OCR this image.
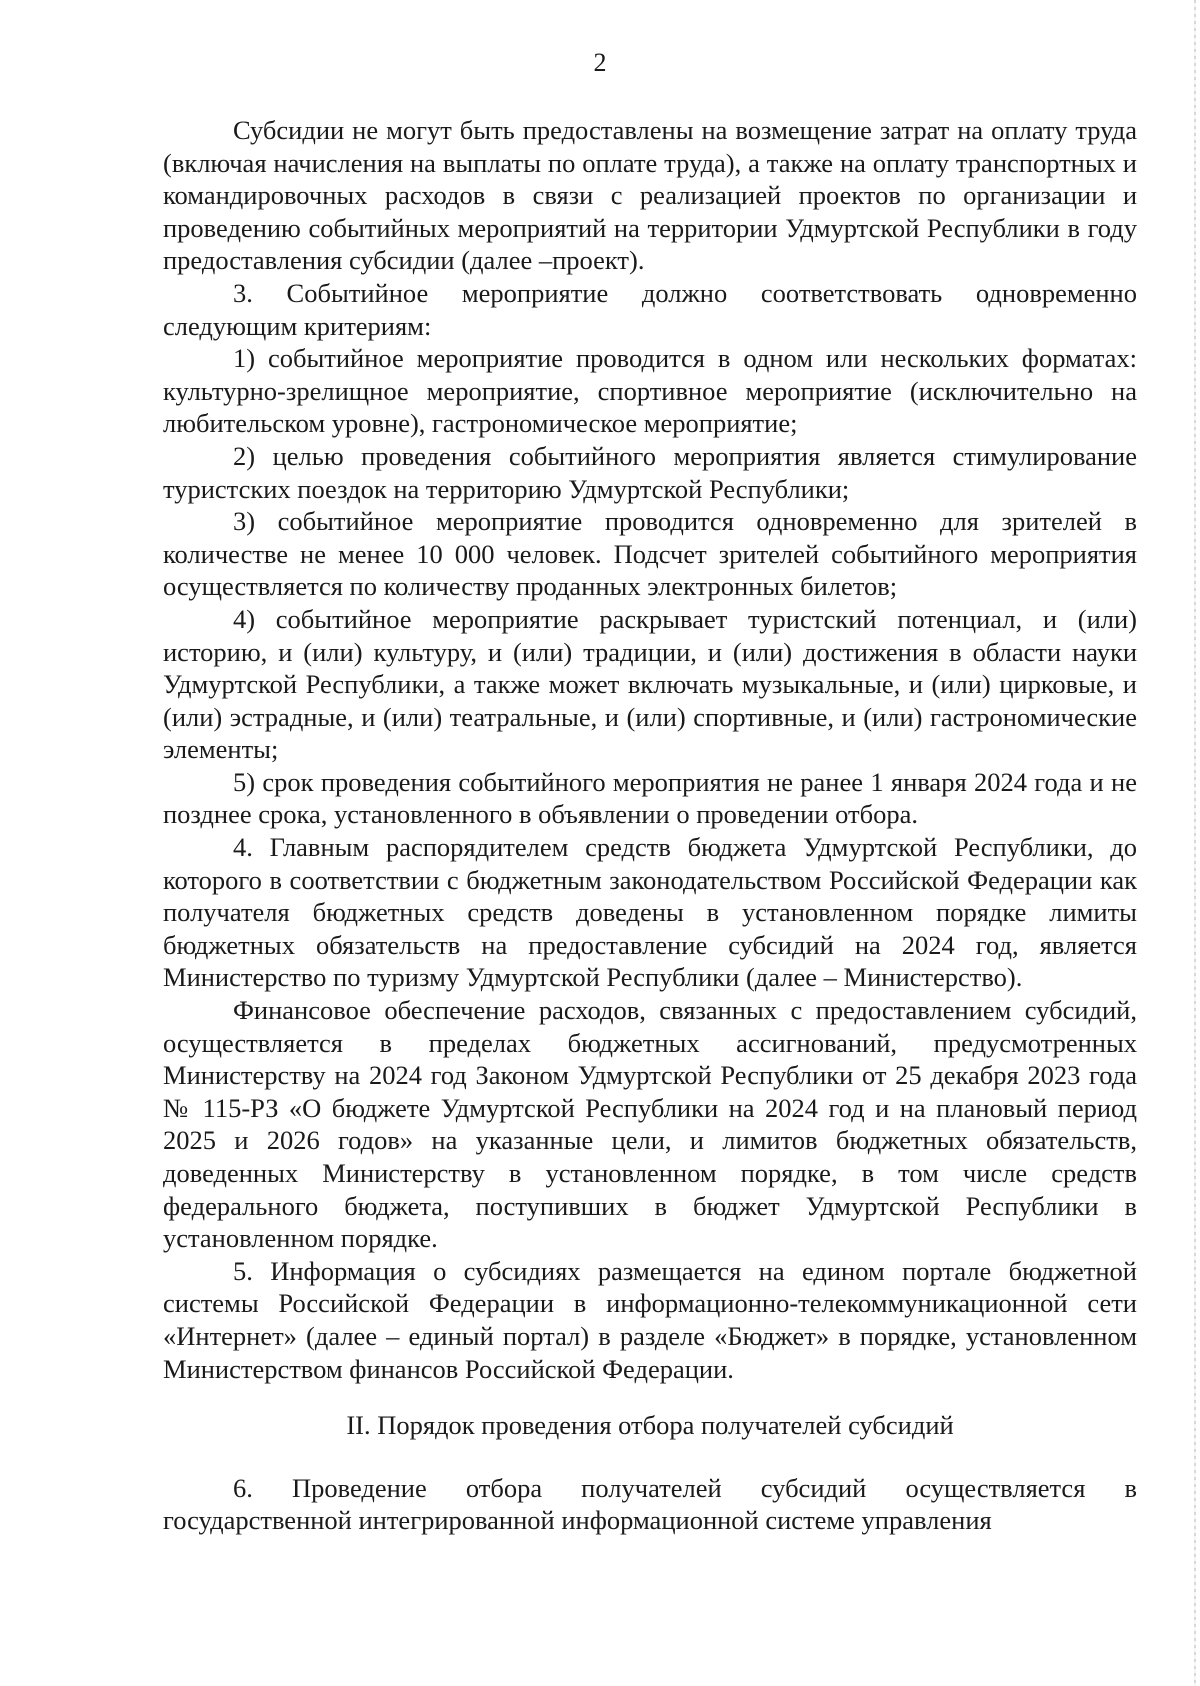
2

Субсидии не могут быть предоставлены на возмещение затрат на оплату труда (включая начисления на выплаты по оплате труда), а также на оплату транспортных и командировочных расходов в связи с реализацией проектов по организации и проведению событийных мероприятий на территории Удмуртской Республики в году предоставления субсидии (далее –проект).

3. Событийное мероприятие должно соответствовать одновременно следующим критериям:

1) событийное мероприятие проводится в одном или нескольких форматах: культурно-зрелищное мероприятие, спортивное мероприятие (исключительно на любительском уровне), гастрономическое мероприятие;

2) целью проведения событийного мероприятия является стимулирование туристских поездок на территорию Удмуртской Республики;

3) событийное мероприятие проводится одновременно для зрителей в количестве не менее 10 000 человек. Подсчет зрителей событийного мероприятия осуществляется по количеству проданных электронных билетов;

4) событийное мероприятие раскрывает туристский потенциал, и (или) историю, и (или) культуру, и (или) традиции, и (или) достижения в области науки Удмуртской Республики, а также может включать музыкальные, и (или) цирковые, и (или) эстрадные, и (или) театральные, и (или) спортивные, и (или) гастрономические элементы;

5) срок проведения событийного мероприятия не ранее 1 января 2024 года и не позднее срока, установленного в объявлении о проведении отбора.

4. Главным распорядителем средств бюджета Удмуртской Республики, до которого в соответствии с бюджетным законодательством Российской Федерации как получателя бюджетных средств доведены в установленном порядке лимиты бюджетных обязательств на предоставление субсидий на 2024 год, является Министерство по туризму Удмуртской Республики (далее – Министерство).

Финансовое обеспечение расходов, связанных с предоставлением субсидий, осуществляется в пределах бюджетных ассигнований, предусмотренных Министерству на 2024 год Законом Удмуртской Республики от 25 декабря 2023 года № 115-РЗ «О бюджете Удмуртской Республики на 2024 год и на плановый период 2025 и 2026 годов» на указанные цели, и лимитов бюджетных обязательств, доведенных Министерству в установленном порядке, в том числе средств федерального бюджета, поступивших в бюджет Удмуртской Республики в установленном порядке.

5. Информация о субсидиях размещается на едином портале бюджетной системы Российской Федерации в информационно-телекоммуникационной сети «Интернет» (далее – единый портал) в разделе «Бюджет» в порядке, установленном Министерством финансов Российской Федерации.

II. Порядок проведения отбора получателей субсидий

6. Проведение отбора получателей субсидий осуществляется в государственной интегрированной информационной системе управления
